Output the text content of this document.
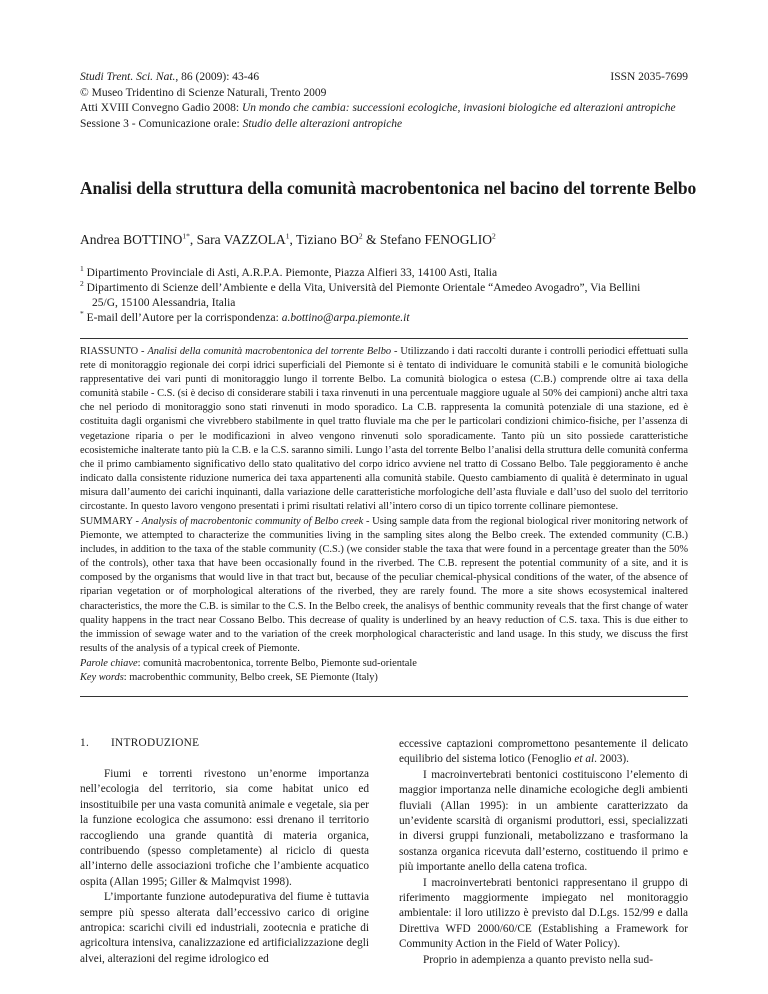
Studi Trent. Sci. Nat., 86 (2009): 43-46	ISSN 2035-7699
© Museo Tridentino di Scienze Naturali, Trento 2009
Atti XVIII Convegno Gadio 2008: Un mondo che cambia: successioni ecologiche, invasioni biologiche ed alterazioni antropiche
Sessione 3 - Comunicazione orale: Studio delle alterazioni antropiche
Analisi della struttura della comunità macrobentonica nel bacino del torrente Belbo
Andrea $BOTTINO^{1*}$, Sara VAZZOLA$^1$, Tiziano $BO^2$ & Stefano FENOGLIO$^2$
$^1$ Dipartimento Provinciale di Asti, A.R.P.A. Piemonte, Piazza Alfieri 33, 14100 Asti, Italia
$^2$ Dipartimento di Scienze dell’Ambiente e della Vita, Università del Piemonte Orientale “Amedeo Avogadro”, Via Bellini
25/G, 15100 Alessandria, Italia
* E-mail dell’Autore per la corrispondenza: a.bottino@arpa.piemonte.it
RIASSUNTO - Analisi della comunità macrobentonica del torrente Belbo - Utilizzando i dati raccolti durante i controlli periodici effettuati sulla rete di monitoraggio regionale dei corpi idrici superficiali del Piemonte si è tentato di individuare le comunità stabili e le comunità biologiche rappresentative dei vari punti di monitoraggio lungo il torrente Belbo. La comunità biologica o estesa (C.B.) comprende oltre ai taxa della comunità stabile - C.S. (si è deciso di considerare stabili i taxa rinvenuti in una percentuale maggiore uguale al 50% dei campioni) anche altri taxa che nel periodo di monitoraggio sono stati rinvenuti in modo sporadico. La C.B. rappresenta la comunità potenziale di una stazione, ed è costituita dagli organismi che vivrebbero stabilmente in quel tratto fluviale ma che per le particolari condizioni chimico-fisiche, per l’assenza di vegetazione riparia o per le modificazioni in alveo vengono rinvenuti solo sporadicamente. Tanto più un sito possiede caratteristiche ecosistemiche inalterate tanto più la C.B. e la C.S. saranno simili. Lungo l’asta del torrente Belbo l’analisi della struttura delle comunità conferma che il primo cambiamento significativo dello stato qualitativo del corpo idrico avviene nel tratto di Cossano Belbo. Tale peggioramento è anche indicato dalla consistente riduzione numerica dei taxa appartenenti alla comunità stabile. Questo cambiamento di qualità è determinato in ugual misura dall’aumento dei carichi inquinanti, dalla variazione delle caratteristiche morfologiche dell’asta fluviale e dall’uso del suolo del territorio circostante. In questo lavoro vengono presentati i primi risultati relativi all’intero corso di un tipico torrente collinare piemontese.
SUMMARY - Analysis of macrobentonic community of Belbo creek - Using sample data from the regional biological river monitoring network of Piemonte, we attempted to characterize the communities living in the sampling sites along the Belbo creek. The extended community (C.B.) includes, in addition to the taxa of the stable community (C.S.) (we consider stable the taxa that were found in a percentage greater than the 50% of the controls), other taxa that have been occasionally found in the riverbed. The C.B. represent the potential community of a site, and it is composed by the organisms that would live in that tract but, because of the peculiar chemical-physical conditions of the water, of the absence of riparian vegetation or of morphological alterations of the riverbed, they are rarely found. The more a site shows ecosystemical inaltered characteristics, the more the C.B. is similar to the C.S. In the Belbo creek, the analisys of benthic community reveals that the first change of water quality happens in the tract near Cossano Belbo. This decrease of quality is underlined by an heavy reduction of C.S. taxa. This is due either to the immission of sewage water and to the variation of the creek morphological characteristic and land usage. In this study, we discuss the first results of the analysis of a typical creek of Piemonte.
Parole chiave: comunità macrobentonica, torrente Belbo, Piemonte sud-orientale
Key words: macrobenthic community, Belbo creek, SE Piemonte (Italy)
1. INTRODUZIONE

Fiumi e torrenti rivestono un’enorme importanza nell’ecologia del territorio, sia come habitat unico ed insostituibile per una vasta comunità animale e vegetale, sia per la funzione ecologica che assumono: essi drenano il territorio raccogliendo una grande quantità di materia organica, contribuendo (spesso completamente) al riciclo di questa all’interno delle associazioni trofiche che l’ambiente acquatico ospita (Allan 1995; Giller & Malmqvist 1998).

L’importante funzione autodepurativa del fiume è tuttavia sempre più spesso alterata dall’eccessivo carico di origine antropica: scarichi civili ed industriali, zootecnia e pratiche di agricoltura intensiva, canalizzazione ed artificializzazione degli alvei, alterazioni del regime idrologico ed

eccessive captazioni compromettono pesantemente il delicato equilibrio del sistema lotico (Fenoglio et al. 2003).

I macroinvertebrati bentonici costituiscono l’elemento di maggior importanza nelle dinamiche ecologiche degli ambienti fluviali (Allan 1995): in un ambiente caratterizzato da un’evidente scarsità di organismi produttori, essi, specializzati in diversi gruppi funzionali, metabolizzano e trasformano la sostanza organica ricevuta dall’esterno, costituendo il primo e più importante anello della catena trofica.

I macroinvertebrati bentonici rappresentano il gruppo di riferimento maggiormente impiegato nel monitoraggio ambientale: il loro utilizzo è previsto dal D.Lgs. 152/99 e dalla Direttiva WFD 2000/60/CE (Establishing a Framework for Community Action in the Field of Water Policy).

Proprio in adempienza a quanto previsto nella sud-
